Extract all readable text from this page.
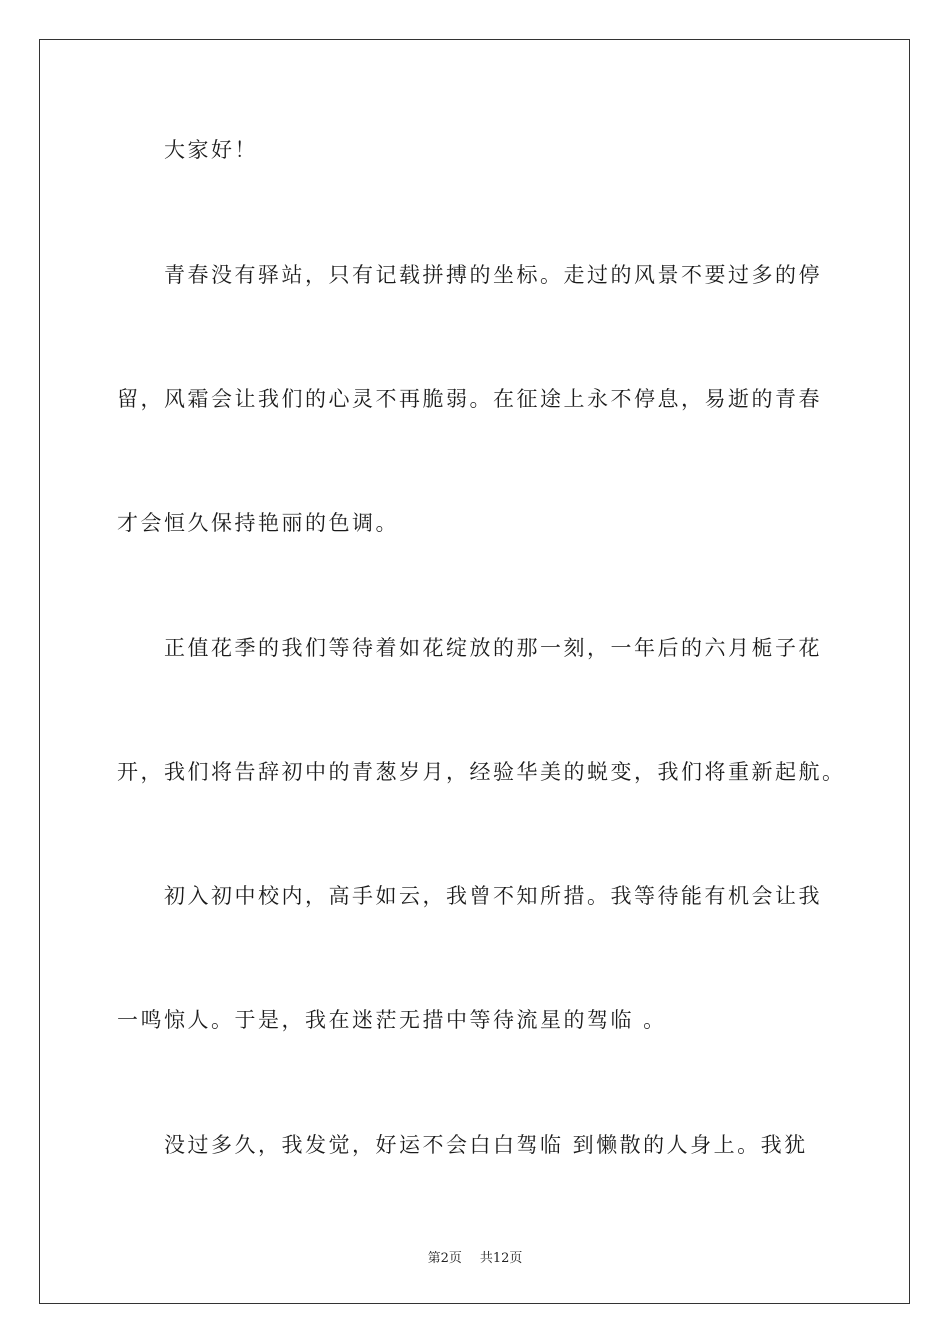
大家好！
青春没有驿站，只有记载拼搏的坐标。走过的风景不要过多的停
留，风霜会让我们的心灵不再脆弱。在征途上永不停息，易逝的青春
才会恒久保持艳丽的色调。
正值花季的我们等待着如花绽放的那一刻，一年后的六月栀子花
开，我们将告辞初中的青葱岁月，经验华美的蜕变，我们将重新起航。
初入初中校内，高手如云，我曾不知所措。我等待能有机会让我
一鸣惊人。于是，我在迷茫无措中等待流星的驾临 。
没过多久，我发觉，好运不会白白驾临 到懒散的人身上。我犹
第2页 共12页
